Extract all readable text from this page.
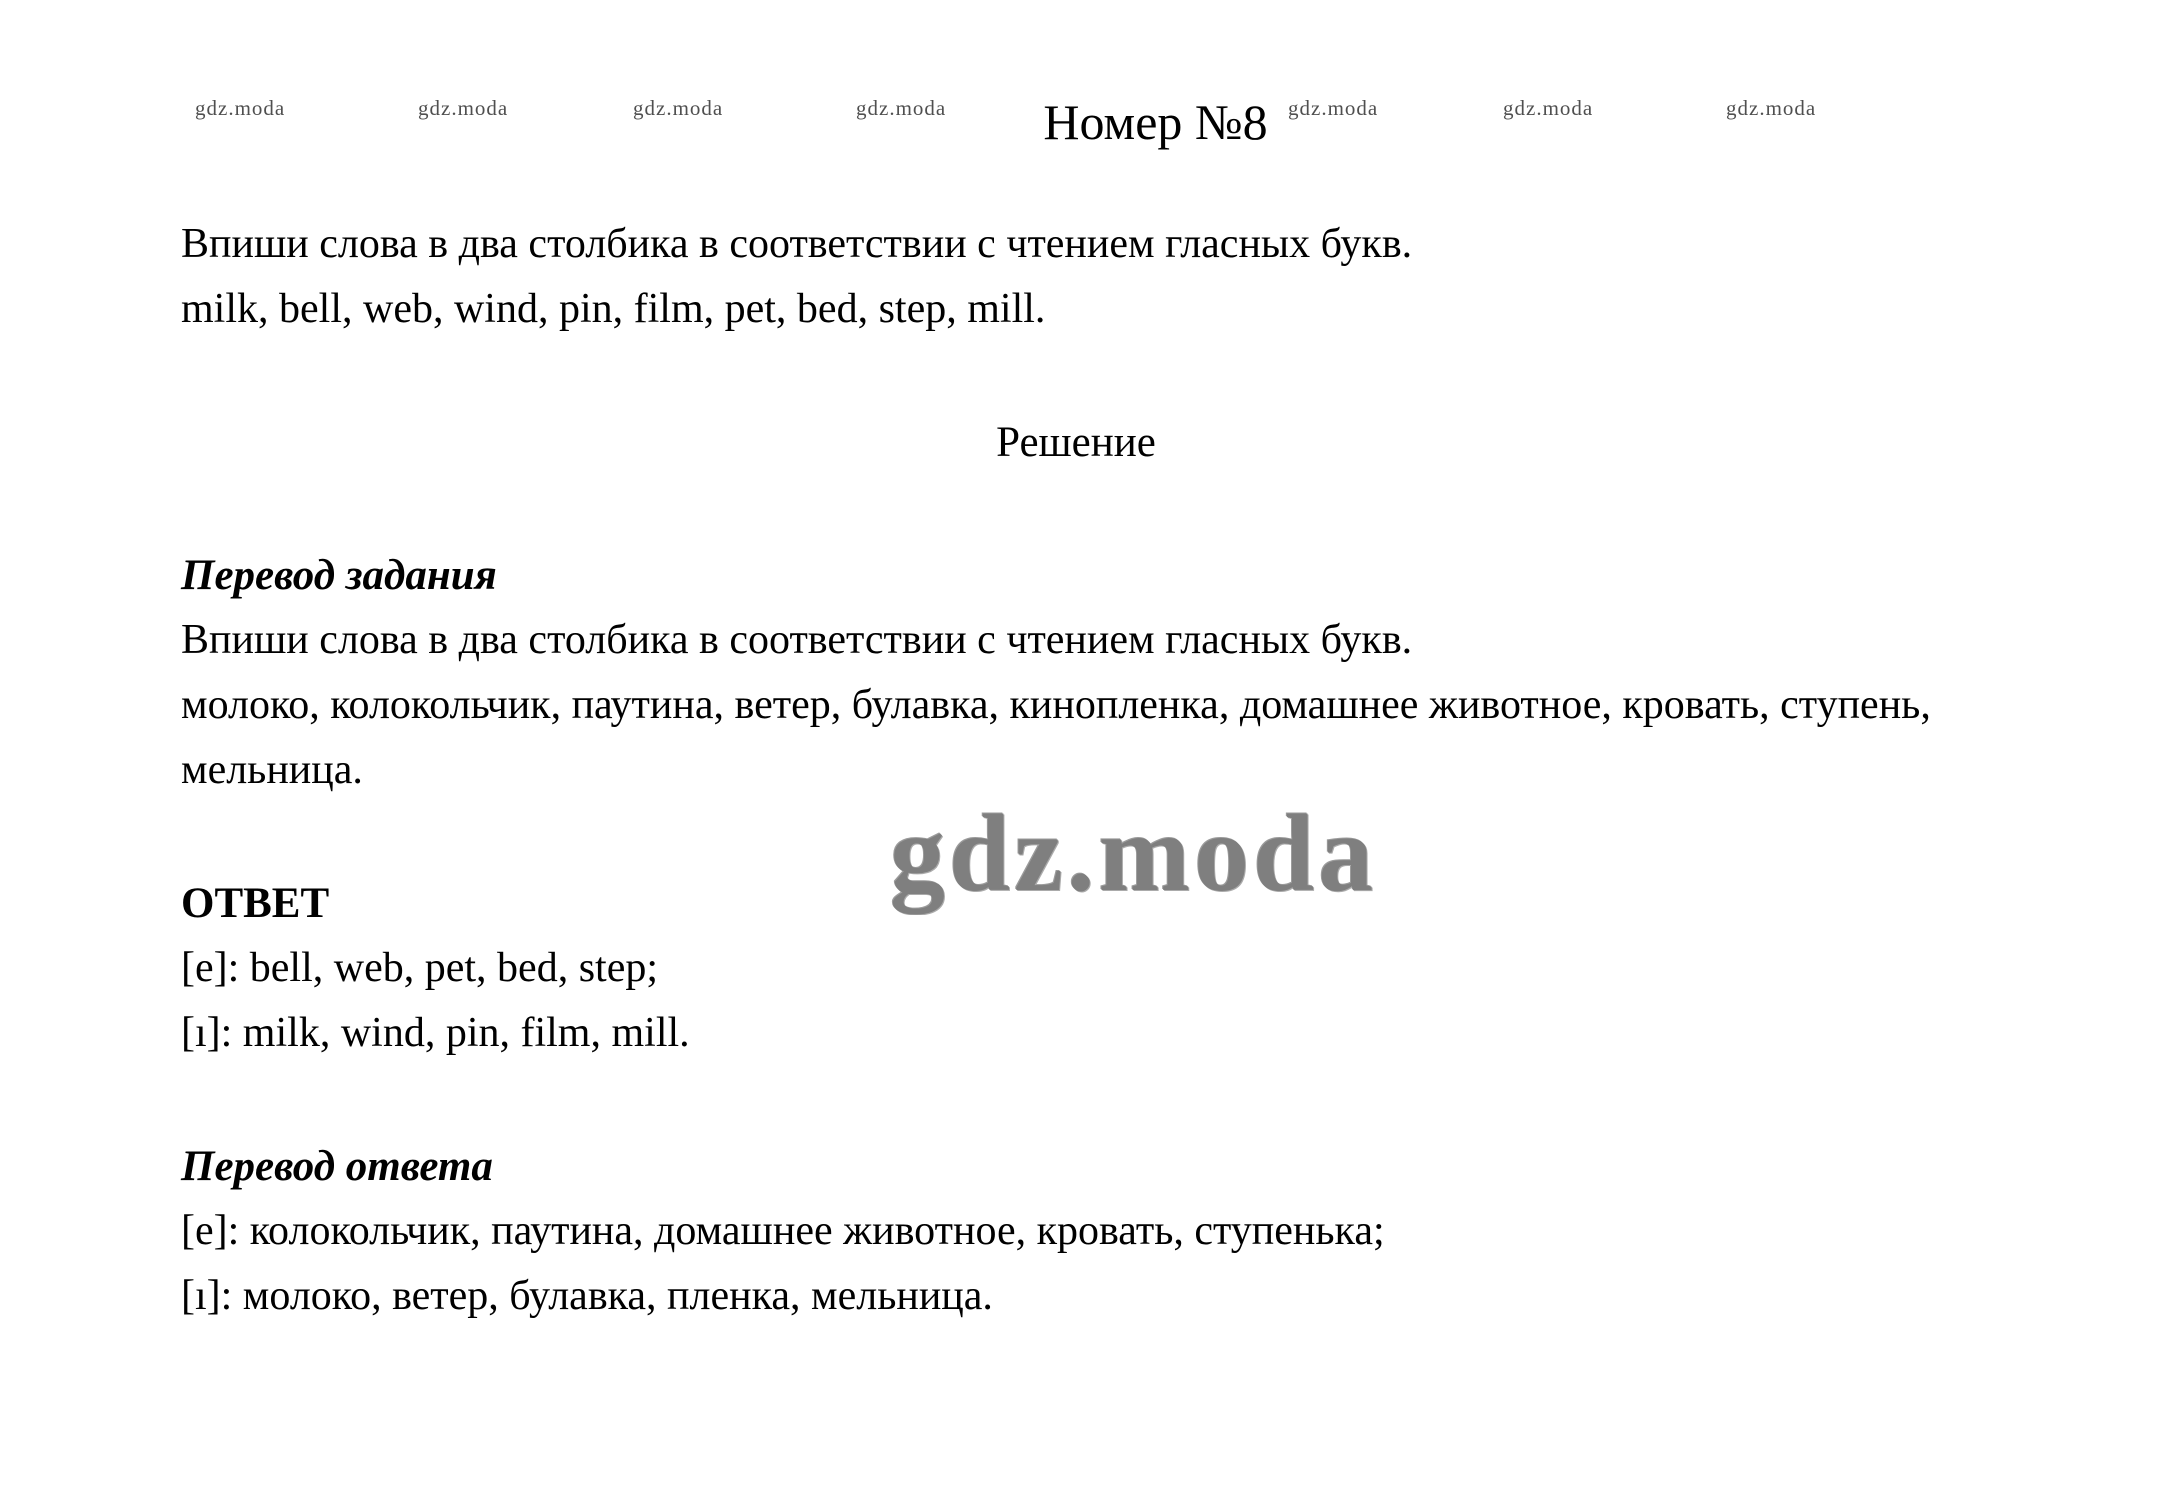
gdz.moda	gdz.moda	gdz.moda	gdz.moda	gdz.moda	gdz.moda	gdz.moda
Номер №8

Впиши слова в два столбика в соответствии с чтением гласных букв.
milk, bell, web, wind, pin, film, pet, bed, step, mill.

Решение
Перевод задания

Впиши слова в два столбика в соответствии с чтением гласных букв.
молоко, колокольчик, паутина, ветер, булавка, кинопленка, домашнее животное, кровать, ступень, мельница.

ОТВЕТ

[e]: bell, web, pet, bed, step;
[ı]: milk, wind, pin, film, mill.

Перевод ответа

[e]: колокольчик, паутина, домашнее животное, кровать, ступенька;
[ı]: молоко, ветер, булавка, пленка, мельница.

gdz.moda
